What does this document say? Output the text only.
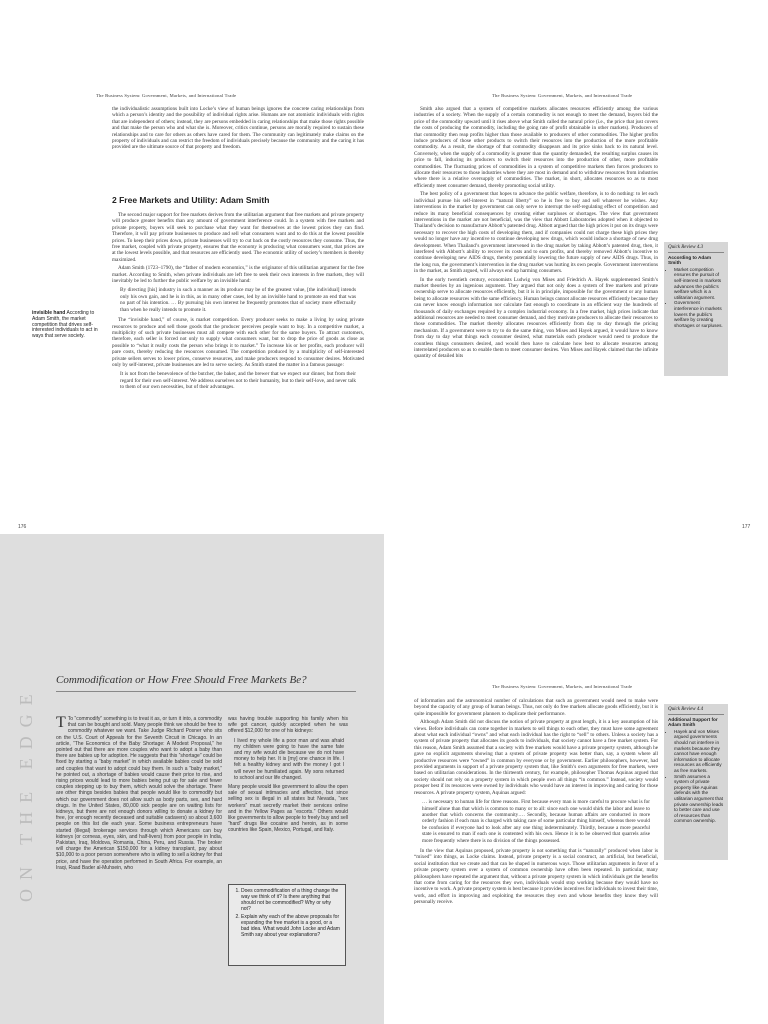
The Business System: Government, Markets, and International Trade

the individualistic assumptions built into Locke’s view of human beings ignores the concrete caring relationships from which a person’s identity and the possibility of individual rights arise. Humans are not atomistic individuals with rights that are independent of others; instead, they are persons embedded in caring relationships that make those rights possible and that make the person who and what she is. Moreover, critics continue, persons are morally required to sustain these relationships and to care for others as others have cared for them. The community can legitimately make claims on the property of individuals and can restrict the freedom of individuals precisely because the community and the caring it has provided are the ultimate source of that property and freedom.

2 Free Markets and Utility: Adam Smith

The second major support for free markets derives from the utilitarian argument that free markets and private property will produce greater benefits than any amount of government interference could. In a system with free markets and private property, buyers will seek to purchase what they want for themselves at the lowest prices they can find. Therefore, it will pay private businesses to produce and sell what consumers want and to do this at the lowest possible prices. To keep their prices down, private businesses will try to cut back on the costly resources they consume. Thus, the free market, coupled with private property, ensures that the economy is producing what consumers want, that prices are at the lowest levels possible, and that resources are efficiently used. The economic utility of society’s members is thereby maximized.

Adam Smith (1723–1790), the “father of modern economics,” is the originator of this utilitarian argument for the free market. According to Smith, when private individuals are left free to seek their own interests in free markets, they will inevitably be led to further the public welfare by an invisible hand:

By directing [his] industry in such a manner as its produce may be of the greatest value, [the individual] intends only his own gain, and he is in this, as in many other cases, led by an invisible hand to promote an end that was no part of his intention. … By pursuing his own interest he frequently promotes that of society more effectually than when he really intends to promote it.

The “invisible hand,” of course, is market competition. Every producer seeks to make a living by using private resources to produce and sell those goods that the producer perceives people want to buy. In a competitive market, a multiplicity of such private businesses must all compete with each other for the same buyers. To attract customers, therefore, each seller is forced not only to supply what consumers want, but to drop the price of goods as close as possible to “what it really costs the person who brings it to market.” To increase his or her profits, each producer will pare costs, thereby reducing the resources consumed. The competition produced by a multiplicity of self-interested private sellers serves to lower prices, conserve resources, and make producers respond to consumer desires. Motivated only by self-interest, private businesses are led to serve society. As Smith stated the matter in a famous passage:

It is not from the benevolence of the butcher, the baker, and the brewer that we expect our dinner, but from their regard for their own self-interest. We address ourselves not to their humanity, but to their self-love, and never talk to them of our own necessities, but of their advantages.
invisible hand According to Adam Smith, the market competition that drives self-interested individuals to act in ways that serve society.
176
The Business System: Government, Markets, and International Trade

Smith also argued that a system of competitive markets allocates resources efficiently among the various industries of a society. When the supply of a certain commodity is not enough to meet the demand, buyers bid the price of the commodity upward until it rises above what Smith called the natural price (i.e., the price that just covers the costs of producing the commodity, including the going rate of profit obtainable in other markets). Producers of that commodity then reap profits higher than those available to producers of other commodities. The higher profits induce producers of those other products to switch their resources into the production of the more profitable commodity. As a result, the shortage of that commodity disappears and its price sinks back to its natural level. Conversely, when the supply of a commodity is greater than the quantity demanded, the resulting surplus causes its price to fall, inducing its producers to switch their resources into the production of other, more profitable commodities. The fluctuating prices of commodities in a system of competitive markets then forces producers to allocate their resources to those industries where they are most in demand and to withdraw resources from industries where there is a relative oversupply of commodities. The market, in short, allocates resources so as to most efficiently meet consumer demand, thereby promoting social utility.

The best policy of a government that hopes to advance the public welfare, therefore, is to do nothing: to let each individual pursue his self-interest in “natural liberty” so he is free to buy and sell whatever he wishes. Any interventions in the market by government can only serve to interrupt the self-regulating effect of competition and reduce its many beneficial consequences by creating either surpluses or shortages. The view that government interventions in the market are not beneficial, was the view that Abbott Laboratories adopted when it objected to Thailand’s decision to manufacture Abbott’s patented drug. Abbott argued that the high prices it put on its drugs were necessary to recover the high costs of developing them, and if companies could not charge these high prices they would no longer have any incentive to continue developing new drugs, which would induce a shortage of new drug development. When Thailand’s government intervened in the drug market by taking Abbott’s patented drug, then, it interfered with Abbott’s ability to recover its costs and to earn profits, and thereby removed Abbott’s incentive to continue developing new AIDS drugs, thereby potentially lowering the future supply of new AIDS drugs. Thus, in the long run, the government’s intervention in the drug market was hurting its own people. Government interventions in the market, as Smith argued, will always end up harming consumers.

In the early twentieth century, economists Ludwig von Mises and Friedrich A. Hayek supplemented Smith’s market theories by an ingenious argument. They argued that not only does a system of free markets and private ownership serve to allocate resources efficiently, but it is in principle, impossible for the government or any human being to allocate resources with the same efficiency. Human beings cannot allocate resources efficiently because they can never know enough information nor calculate fast enough to coordinate in an efficient way the hundreds of thousands of daily exchanges required by a complex industrial economy. In a free market, high prices indicate that additional resources are needed to meet consumer demand, and they motivate producers to allocate their resources to those commodities. The market thereby allocates resources efficiently from day to day through the pricing mechanism. If a government were to try to do the same thing, von Mises and Hayek argued, it would have to know from day to day what things each consumer desired, what materials each producer would need to produce the countless things consumers desired, and would then have to calculate how best to allocate resources among interrelated producers so as to enable them to meet consumer desires. Von Mises and Hayek claimed that the infinite quantity of detailed bits

Quick Review 4.3
According to Adam Smith
• Market competition ensures the pursuit of self-interest in markets advances the public’s welfare which is a utilitarian argument.
• Government interference in markets lowers the public’s welfare by creating shortages or surpluses.
177
ON THE EDGE
Commodification or How Free Should Free Markets Be?

T To “commodify” something is to treat it as, or turn it into, a commodity that can be bought and sold. Many people think we should be free to commodify whatever we want. Take Judge Richard Posner who sits on the U.S. Court of Appeals for the Seventh Circuit in Chicago. In an article, “The Economics of the Baby Shortage: A Modest Proposal,” he pointed out that there are more couples who want to adopt a baby than there are babies up for adoption. He suggests that this “shortage” could be fixed by starting a “baby market” in which available babies could be sold and couples that want to adopt could buy them. In such a “baby market,” he pointed out, a shortage of babies would cause their price to rise, and rising prices would lead to more babies being put up for sale and fewer couples stepping up to buy them, which would solve the shortage. There are other things besides babies that people would like to commodify but which our government does not allow such as body parts, sex, and hard drugs. In the United States, 80,000 sick people are on waiting lists for kidneys, but there are not enough donors willing to donate a kidney for free, (or enough recently deceased and suitable cadavers) so about 3,600 people on this list die each year. Some business entrepreneurs have started (illegal) brokerage services through which Americans can buy kidneys (or corneas, eyes, skin, and half-livers) from poor people in India, Pakistan, Iraq, Moldova, Romania, China, Peru, and Russia. The broker will charge the American $150,000 for a kidney transplant, pay about $10,000 to a poor person somewhere who is willing to sell a kidney for that price, and have the operation performed in South Africa. For example, an Iraqi, Raad Bader al-Muhsein, who

was having trouble supporting his family when his wife got cancer, quickly accepted when he was offered $12,000 for one of his kidneys:

I lived my whole life a poor man and was afraid my children were going to have the same fate and my wife would die because we do not have money to help her. It is [my] one chance in life. I felt a healthy kidney and with the money I got I will never be humiliated again. My sons returned to school and our life changed.

Many people would like government to allow the open sale of sexual intimacies and affection, but since selling sex is illegal in all states but Nevada, “sex workers” must secretly market their services online and in the Yellow Pages as “escorts.” Others would like governments to allow people to freely buy and sell “hard” drugs like cocaine and heroin, as in some countries like Spain, Mexico, Portugal, and Italy.

1. Does commodification of a thing change the way we think of it? Is there anything that should not be commodified? Why or why not?
2. Explain why each of the above proposals for expanding the free market is a good, or a bad idea. What would John Locke and Adam Smith say about your explanations?
The Business System: Government, Markets, and International Trade

of information and the astronomical number of calculations that such an government would need to make were beyond the capacity of any group of human beings. Thus, not only do free markets allocate goods efficiently, but it is quite impossible for government planners to duplicate their performance.

Although Adam Smith did not discuss the notion of private property at great length, it is a key assumption of his views. Before individuals can come together in markets to sell things to each other, they must have some agreement about what each individual “owns” and what each individual has the right to “sell” to others. Unless a society has a system of private property that allocates its goods to individuals, that society cannot have a free market system. For this reason, Adam Smith assumed that a society with free markets would have a private property system, although he gave no explicit arguments showing that a system of private property was better than, say, a system where all productive resources were “owned” in common by everyone or by government. Earlier philosophers, however, had provided arguments in support of a private property system that, like Smith’s own arguments for free markets, were based on utilitarian considerations. In the thirteenth century, for example, philosopher Thomas Aquinas argued that society should not rely on a property system in which people own all things “in common.” Instead, society would prosper best if its resources were owned by individuals who would have an interest in improving and caring for those resources. A private property system, Aquinas argued:

… is necessary to human life for three reasons. First because every man is more careful to procure what is for himself alone than that which is common to many or to all: since each one would shirk the labor and leave to another that which concerns the community…. Secondly, because human affairs are conducted in more orderly fashion if each man is charged with taking care of some particular thing himself, whereas there would be confusion if everyone had to look after any one thing indeterminately. Thirdly, because a more peaceful state is ensured to man if each one is contented with his own. Hence it is to be observed that quarrels arise more frequently where there is no division of the things possessed.

In the view that Aquinas proposed, private property is not something that is “naturally” produced when labor is “mixed” into things, as Locke claims. Instead, private property is a social construct, an artificial, but beneficial, social institution that we create and that can be shaped in numerous ways. Those utilitarian arguments in favor of a private property system over a system of common ownership have often been repeated. In particular, many philosophers have repeated the argument that, without a private property system in which individuals get the benefits that come from caring for the resources they own, individuals would stop working because they would have no incentive to work. A private property system is best because it provides incentives for individuals to invest their time, work, and effort in improving and exploiting the resources they own and whose benefits they know they will personally receive.

Quick Review 4.4
Additional Support for Adam Smith
• Hayek and von Mises argued governments should not interfere in markets because they cannot have enough information to allocate resources as efficiently as free markets.
• Smith assumes a system of private property like Aquinas defends with the utilitarian argument that private ownership leads to better care and use of resources than common ownership.
